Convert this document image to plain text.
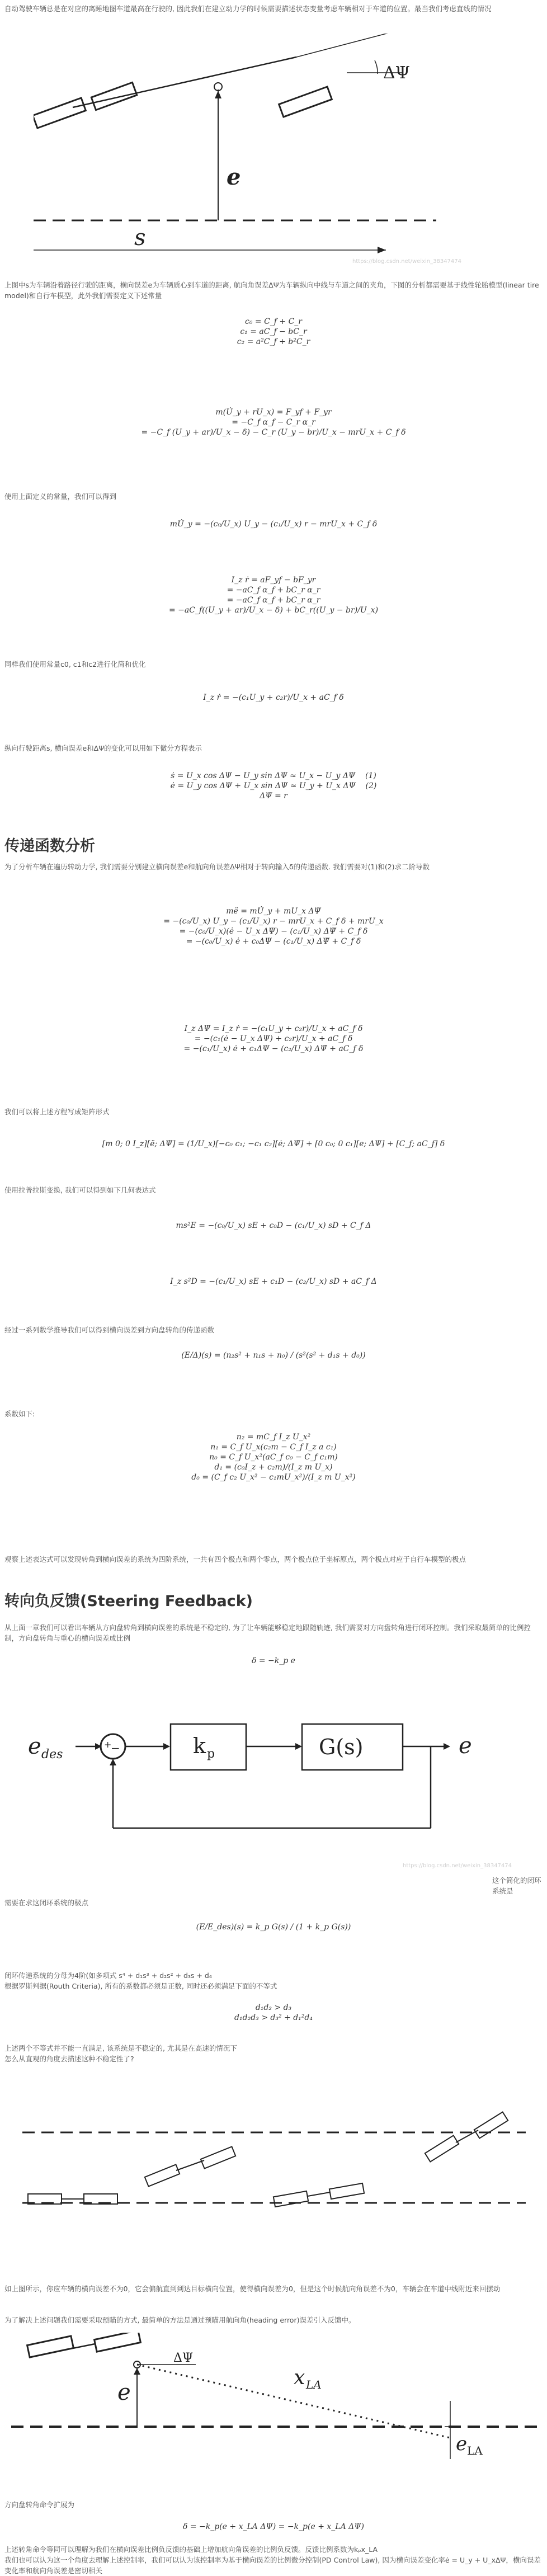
自动驾驶车辆总是在对应的离睡地图车道最高在行驶的, 因此我们在建立动力学的时候需要描述状态变量考虑车辆相对于车道的位置。最当我们考虑直线的情况
ΔΨ
e
s
https://blog.csdn.net/weixin_38347474
上图中s为车辆沿着路径行驶的距离，横向误差e为车辆质心到车道的距离, 航向角误差ΔΨ为车辆纵向中线与车道之间的夹角，下图的分析都需要基于线性轮胎模型(linear tire model)和自行车模型，此外我们需要定义下述常量
c₀ = C_f + C_r
c₁ = aC_f − bC_r
c₂ = a²C_f + b²C_r
m(U̇_y + rU_x) = F_yf + F_yr
= −C_f α_f − C_r α_r
= −C_f (U_y + ar)/U_x − δ) − C_r (U_y − br)/U_x − mrU_x + C_f δ
使用上面定义的常量，我们可以得到
mU̇_y = −(c₀/U_x) U_y − (c₁/U_x) r − mrU_x + C_f δ
I_z ṙ = aF_yf − bF_yr
= −aC_f α_f + bC_r α_r
= −aC_f α_f + bC_r α_r
= −aC_f((U_y + ar)/U_x − δ) + bC_r((U_y − br)/U_x)
同样我们使用常量c0, c1和c2进行化简和优化
I_z ṙ = −(c₁U_y + c₂r)/U_x + aC_f δ
纵向行驶距离s, 横向误差e和ΔΨ的变化可以用如下微分方程表示
ṡ = U_x cos ΔΨ − U_y sin ΔΨ ≈ U_x − U_y ΔΨ    (1)
ė = U_y cos ΔΨ + U_x sin ΔΨ ≈ U_y + U_x ΔΨ    (2)
ΔΨ̇ = r
传递函数分析
为了分析车辆在遍历转动力学, 我们需要分别建立横向误差e和航向角误差ΔΨ相对于转向输入δ的传递函数. 我们需要对(1)和(2)求二阶导数
më = mU̇_y + mU_x ΔΨ̇
= −(c₀/U_x) U_y − (c₁/U_x) r − mrU_x + C_f δ + mrU_x
= −(c₀/U_x)(ė − U_x ΔΨ) − (c₁/U_x) ΔΨ̇ + C_f δ
= −(c₀/U_x) ė + c₀ΔΨ − (c₁/U_x) ΔΨ̇ + C_f δ
I_z ΔΨ̈ = I_z ṙ = −(c₁U_y + c₂r)/U_x + aC_f δ
= −(c₁(ė − U_x ΔΨ) + c₂r)/U_x + aC_f δ
= −(c₁/U_x) ė + c₁ΔΨ − (c₂/U_x) ΔΨ̇ + aC_f δ
我们可以将上述方程写成矩阵形式
[m 0; 0 I_z][ë; ΔΨ̈] = (1/U_x)[−c₀ c₁; −c₁ c₂][ė; ΔΨ̇] + [0 c₀; 0 c₁][e; ΔΨ] + [C_f; aC_f] δ
使用拉普拉斯变换, 我们可以得到如下几何表达式
ms²E = −(c₀/U_x) sE + c₀D − (c₁/U_x) sD + C_f Δ
I_z s²D = −(c₁/U_x) sE + c₁D − (c₂/U_x) sD + aC_f Δ
经过一系列数学推导我们可以得到横向误差到方向盘转角的传递函数
(E/Δ)(s) = (n₂s² + n₁s + n₀) / (s²(s² + d₁s + d₀))
系数如下:
n₂ = mC_f I_z U_x²
n₁ = C_f U_x(c₂m − C_f I_z a c₁)
n₀ = C_f U_x²(aC_f c₀ − C_f c₁m)
d₁ = (c₀I_z + c₂m)/(I_z m U_x)
d₀ = (C_f c₂ U_x² − c₁mU_x²)/(I_z m U_x²)
观察上述表达式可以发现转角到横向误差的系统为四阶系统，一共有四个极点和两个零点，两个极点位于坐标原点，两个极点对应于自行车模型的极点
转向负反馈(Steering Feedback)
从上面一章我们可以看出车辆从方向盘转角到横向误差的系统是不稳定的, 为了让车辆能够稳定地跟随轨迹, 我们需要对方向盘转角进行闭环控制。我们采取最简单的比例控制，方向盘转角与重心的横向误差成比例
δ = −k_p e
e des
+
−	k p	G(s)	e
https://blog.csdn.net/weixin_38347474
这个简化的闭环系统是
需要在求这闭环系统的极点
(E/E_des)(s) = k_p G(s) / (1 + k_p G(s))
闭环传递系统的分母为4阶(如多项式 s⁴ + d₁s³ + d₂s² + d₃s + d₄
根据罗斯判据(Routh Criteria), 所有的系数都必须是正数, 同时还必须满足下面的不等式
d₁d₂ > d₃
d₁d₂d₃ > d₃² + d₁²d₄
上述两个不等式并不能一直满足, 该系统是不稳定的, 尤其是在高速的情况下
怎么从直观的角度去描述这种不稳定性了?
如上图所示，你应车辆的横向误差不为0，它会偏航直到到达目标横向位置，使得横向误差为0，但是这个时候航向角误差不为0，车辆会在车道中线附近来回摆动
为了解决上述问题我们需要采取预瞄的方式, 最简单的方法是通过预瞄用航向角(heading error)误差引入反馈中。
ΔΨ
x LA
e
e LA
方向盘转角命令扩展为
δ = −k_p(e + x_LA ΔΨ) = −k_p(e + x_LA ΔΨ)
上述转角命令等同可以理解为我们在横向误差比例负反馈的基础上增加航向角误差的比例负反馈。反馈比例系数为kₚx_LA
我们也可以认为这一个角度去理解上述控制率，我们可以认为该控制率为基于横向误差的比例微分控制(PD Control Law), 因为横向误差变化率ė = U_y + U_xΔΨ，横向误差变化率和航向角误差是密切相关
